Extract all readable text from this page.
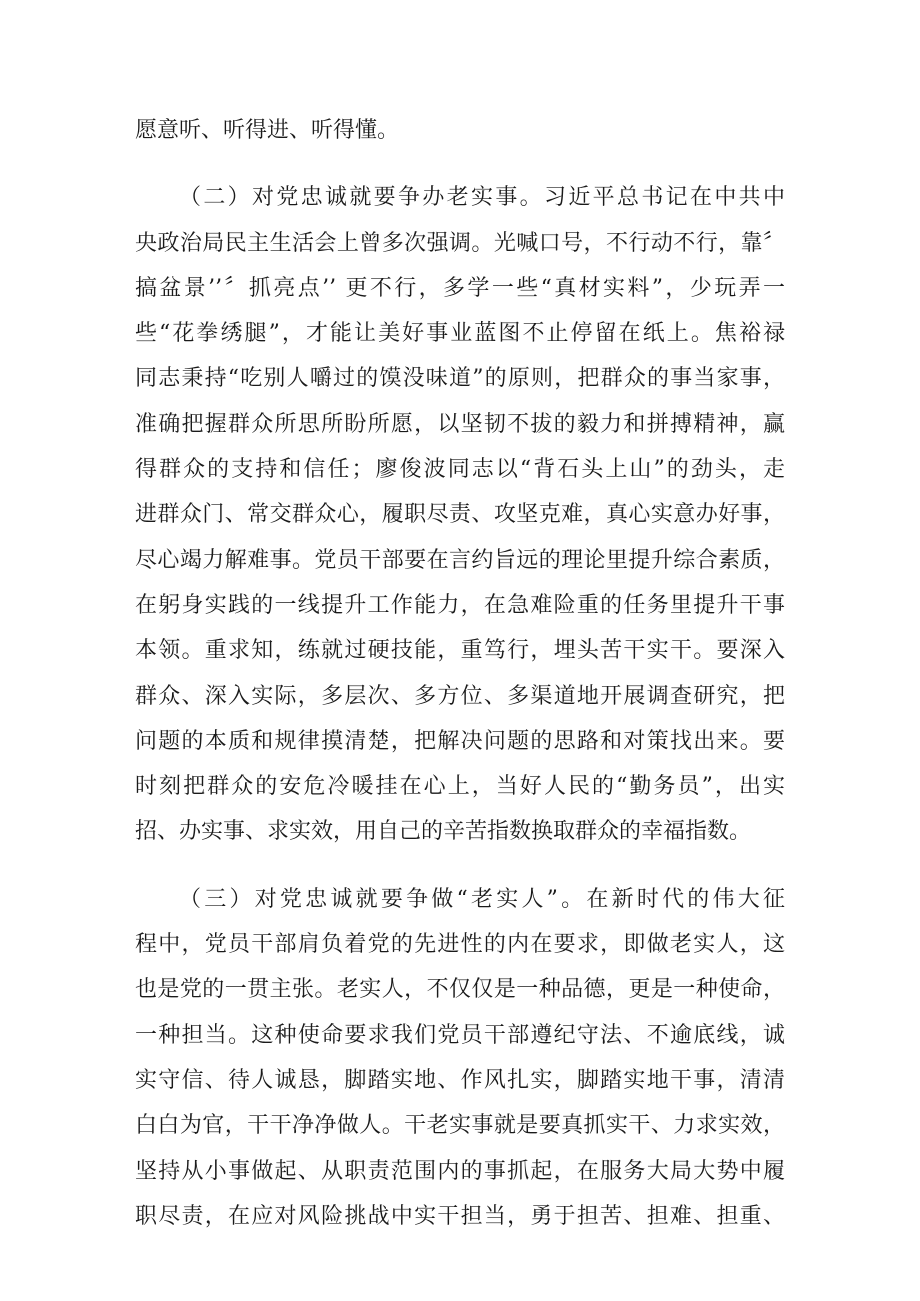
愿意听、听得进、听得懂。
（二）对党忠诚就要争办老实事。习近平总书记在中共中
央政治局民主生活会上曾多次强调。光喊口号，不行动不行，靠〞
搞盆景’’〞抓亮点’’ 更不行，多学一些“真材实料”，少玩弄一
些“花拳绣腿”，才能让美好事业蓝图不止停留在纸上。焦裕禄
同志秉持“吃别人嚼过的馍没味道”的原则，把群众的事当家事，
准确把握群众所思所盼所愿，以坚韧不拔的毅力和拼搏精神，赢
得群众的支持和信任；廖俊波同志以“背石头上山”的劲头，走
进群众门、常交群众心，履职尽责、攻坚克难，真心实意办好事，
尽心竭力解难事。党员干部要在言约旨远的理论里提升综合素质，
在躬身实践的一线提升工作能力，在急难险重的任务里提升干事
本领。重求知，练就过硬技能，重笃行，埋头苦干实干。要深入
群众、深入实际，多层次、多方位、多渠道地开展调查研究，把
问题的本质和规律摸清楚，把解决问题的思路和对策找出来。要
时刻把群众的安危冷暖挂在心上，当好人民的“勤务员”，出实
招、办实事、求实效，用自己的辛苦指数换取群众的幸福指数。
（三）对党忠诚就要争做“老实人”。在新时代的伟大征
程中，党员干部肩负着党的先进性的内在要求，即做老实人，这
也是党的一贯主张。老实人，不仅仅是一种品德，更是一种使命，
一种担当。这种使命要求我们党员干部遵纪守法、不逾底线，诚
实守信、待人诚恳，脚踏实地、作风扎实，脚踏实地干事，清清
白白为官，干干净净做人。干老实事就是要真抓实干、力求实效，
坚持从小事做起、从职责范围内的事抓起，在服务大局大势中履
职尽责，在应对风险挑战中实干担当，勇于担苦、担难、担重、
